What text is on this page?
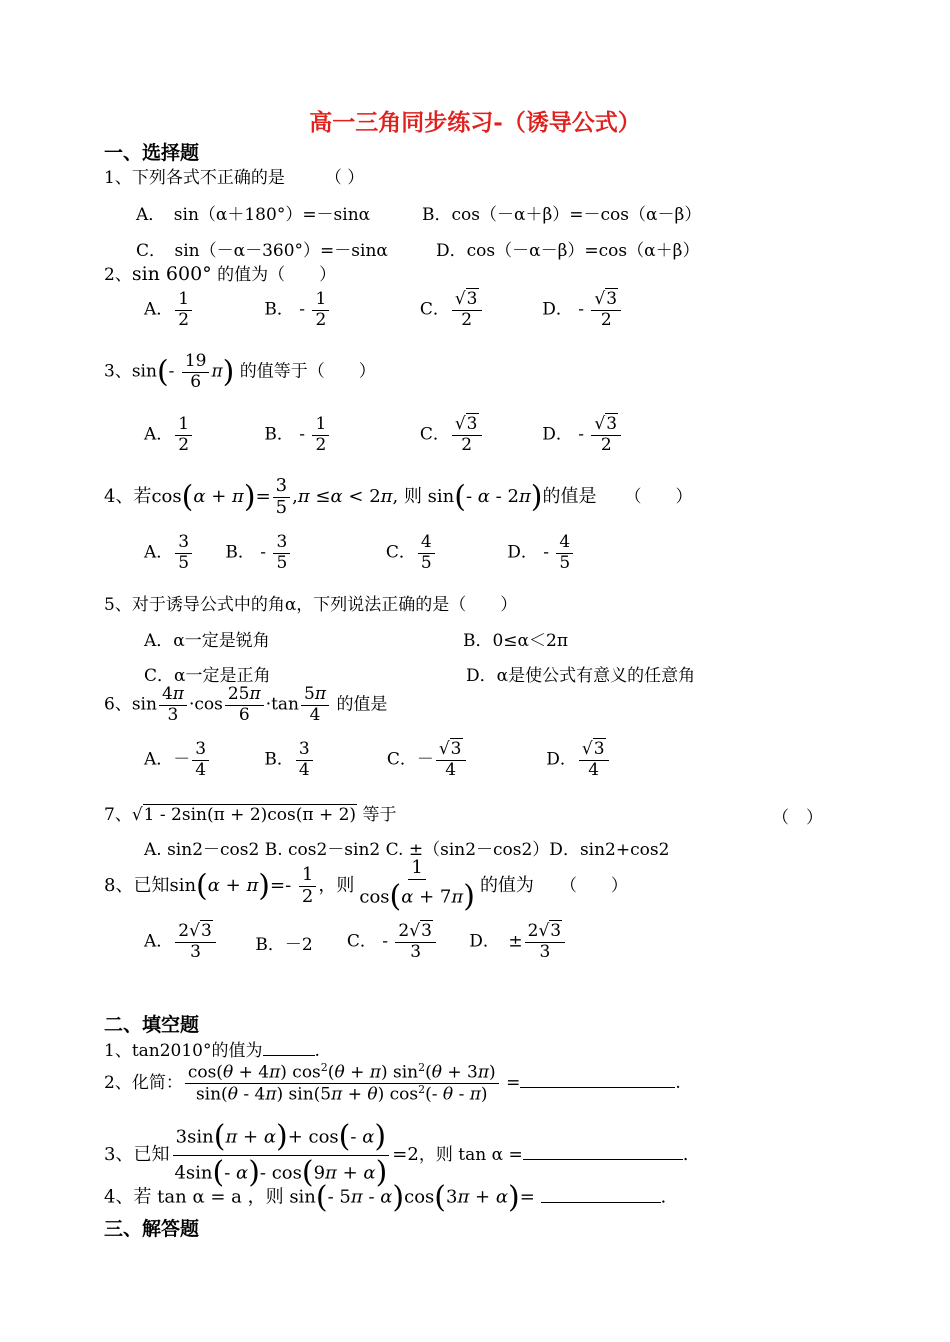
高一三角同步练习-（诱导公式）
一、选择题
1、下列各式不正确的是 （ ）
A．　sin（α＋180°）=－sinα	B．cos（－α＋β）=－cos（α－β）
C．　sin（－α－360°）=－sinα	D．cos（－α－β）=cos（α＋β）
2、sin 600° 的值为（　　）
A． $\frac{1}{2}$	B． - $\frac{1}{2}$	C． $\frac{√3}{2}$	D． - $\frac{√3}{2}$
3、$\sin(- \frac{19}{6} \pi)$ 的值等于（　　）
A． $\frac{1}{2}$	B． - $\frac{1}{2}$	C． $\frac{√3}{2}$	D． - $\frac{√3}{2}$
4、若$\cos(\alpha + \pi)= \frac{3}{5} ,\pi \le\alpha < 2\pi$, 则 sin(- α - 2π)的值是 （　　）
A． $\frac{3}{5}$ B． - $\frac{3}{5}$	C． $\frac{4}{5}$	D． - $\frac{4}{5}$
5、对于诱导公式中的角α，下列说法正确的是（　　）
A．α一定是锐角	B．0≤α＜2π
C．α一定是正角	D．α是使公式有意义的任意角
6、$\sin \frac{4\pi}{3} \cdot\cos \frac{25\pi}{6} \cdot\tan \frac{5\pi}{4}$ 的值是
A．－ $\frac{3}{4}$	B． $\frac{3}{4}$	C．－ $\frac{√3}{4}$	D． $\frac{√3}{4}$
7、√1 - 2sin(π + 2)cos(π + 2) 等于	（　）
A. sin2－cos2 B. cos2－sin2 C. ±（sin2－cos2）D．sin2+cos2
8、已知$\sin(\alpha + \pi)=- \frac{1}{2}$ ，则 $\frac{1}{\cos(\alpha + 7\pi)}$ 的值为 （　　）
A． $\frac{2√3}{3}$ B．－2 C． - $\frac{2√3}{3}$ D．　± $\frac{2√3}{3}$
二、填空题
1、tan2010°的值为	.
2、化简： $\frac{\cos(\theta + 4\pi) \cos^2(\theta + \pi) \sin^2(\theta + 3\pi)}{\sin(\theta - 4\pi) \sin(5\pi + \theta) \cos^2(- \theta - \pi)}$ =	.
3、已知 $\frac{3\sin(\pi + \alpha)+ \cos(- \alpha)}{4\sin(- \alpha)- \cos(9\pi + \alpha)} =2$，则 tan α =	.
4、若 tan α = a ，则 sin(- 5π - α)cos(3π + α)=	.
三、解答题
